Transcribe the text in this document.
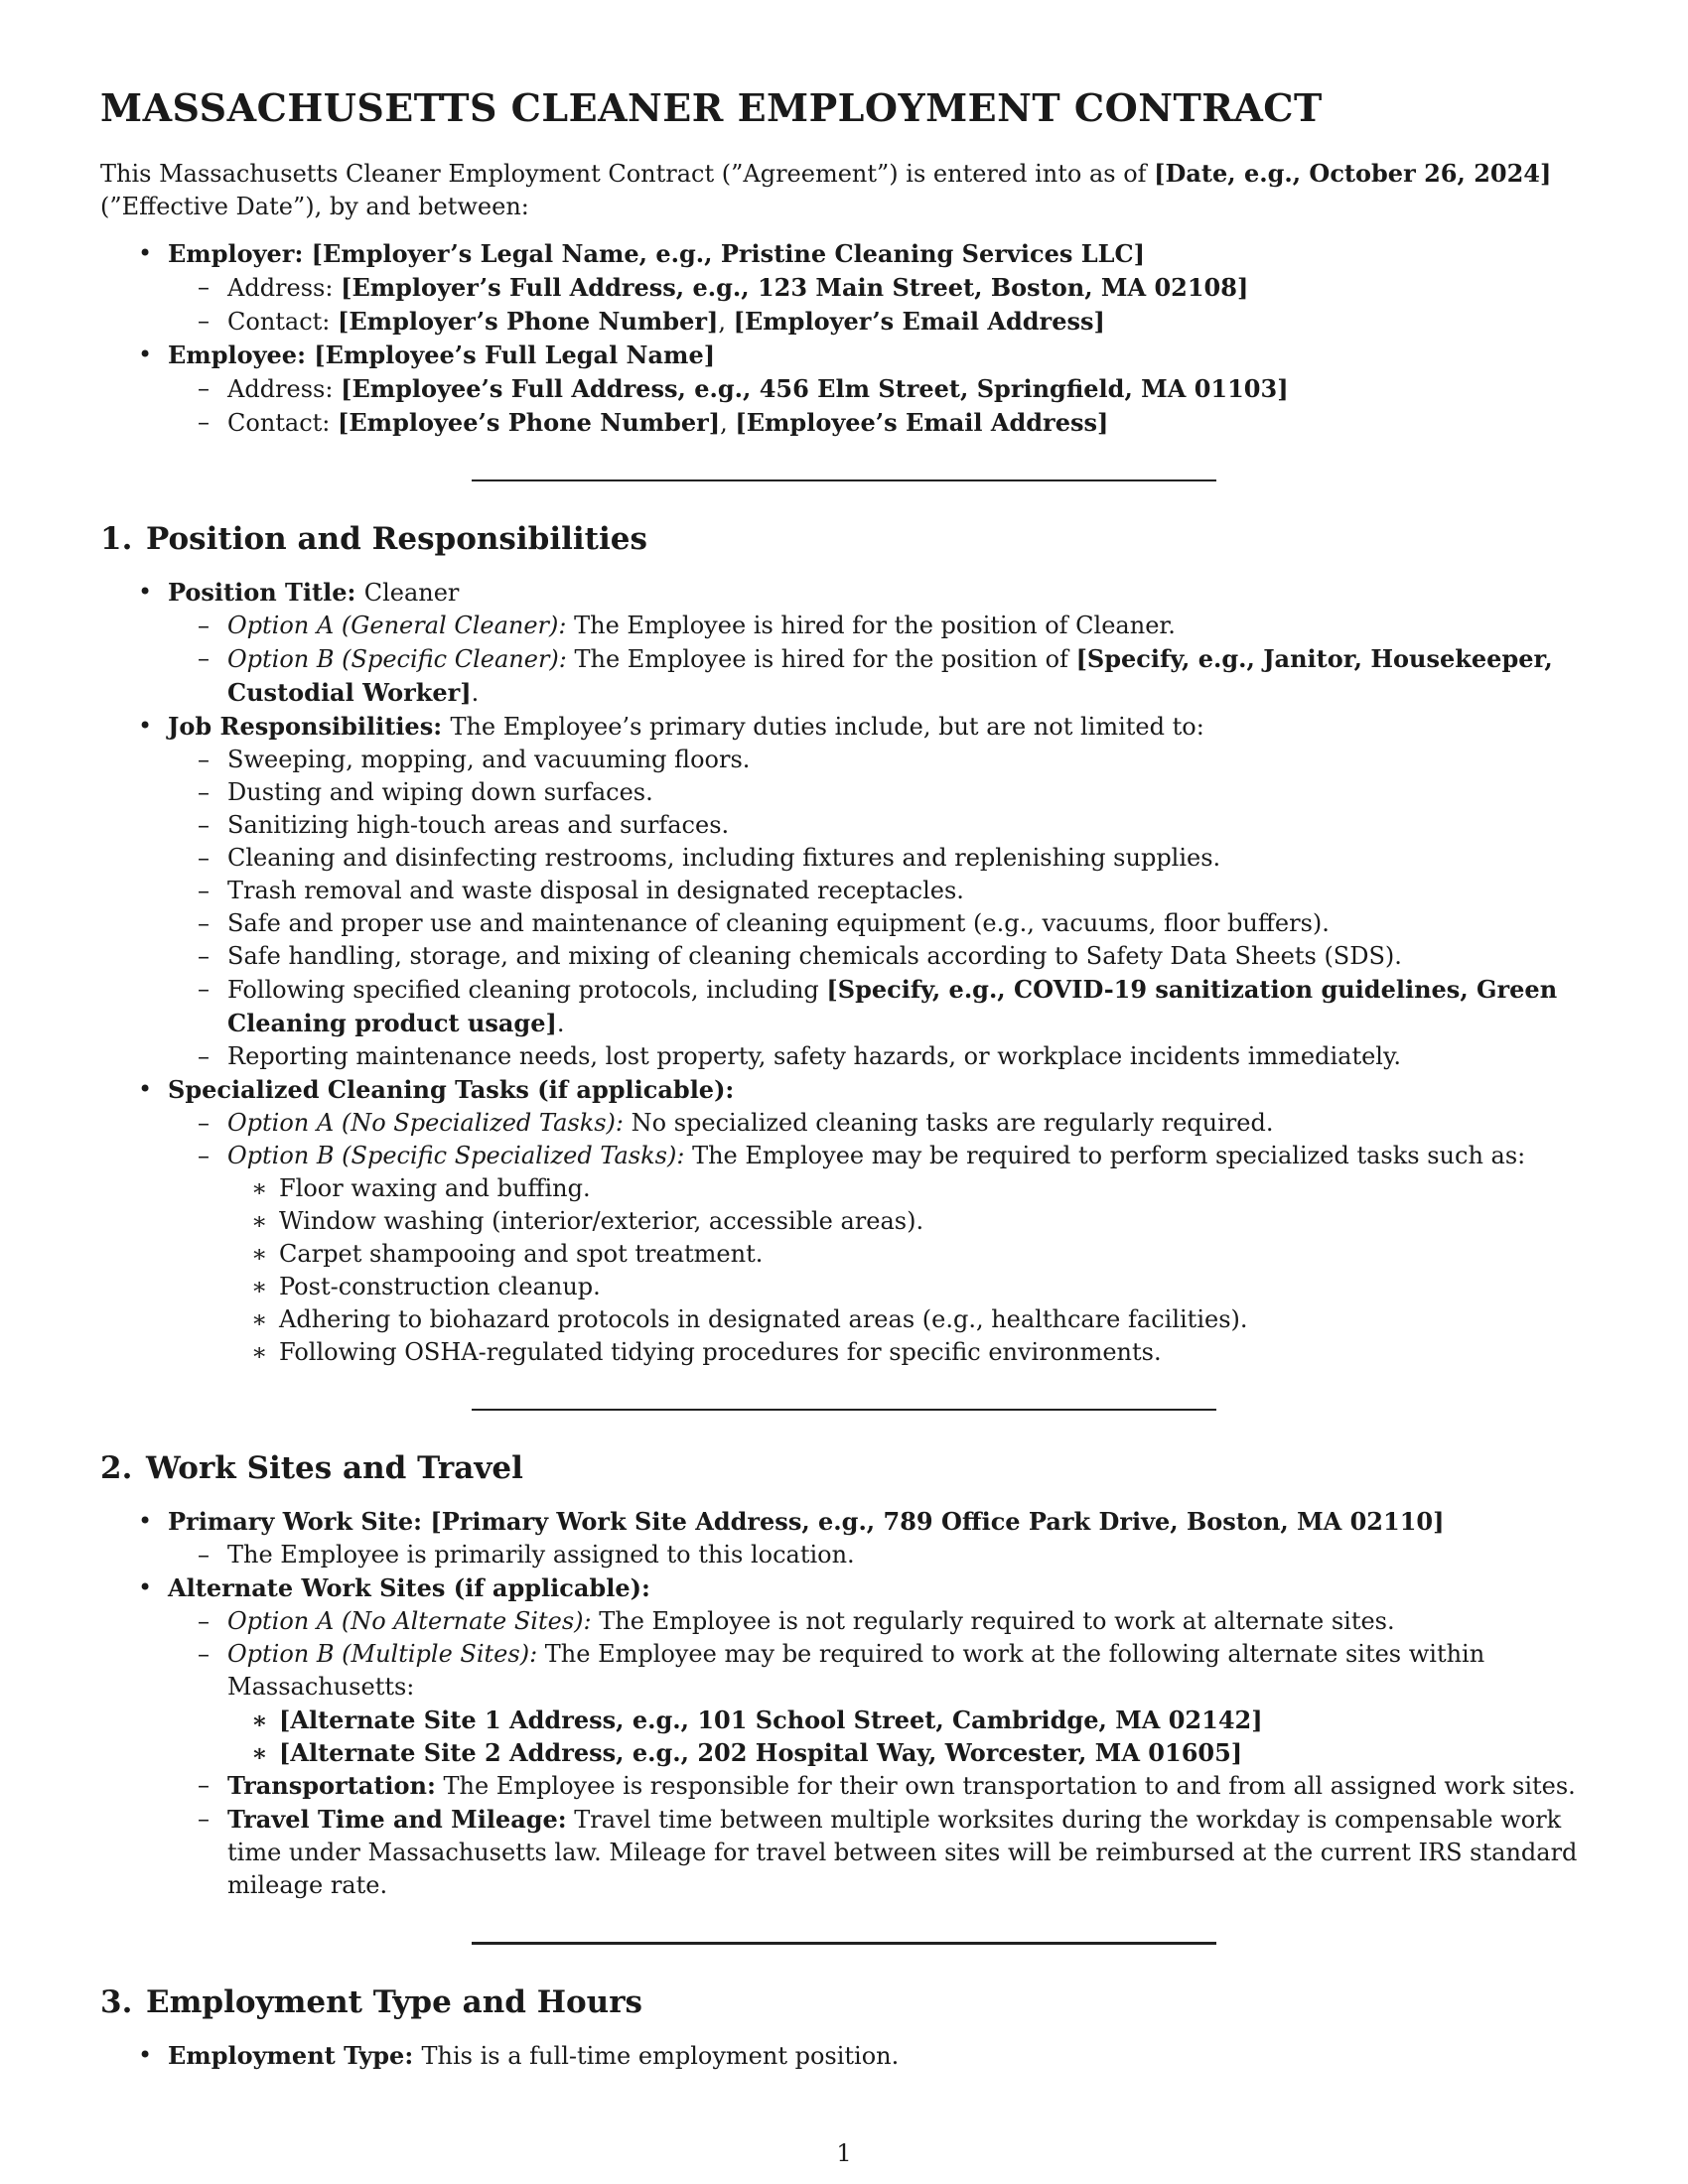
MASSACHUSETTS CLEANER EMPLOYMENT CONTRACT

This Massachusetts Cleaner Employment Contract (”Agreement”) is entered into as of [Date, e.g., October 26, 2024] (”Effective Date”), by and between:

• Employer: [Employer’s Legal Name, e.g., Pristine Cleaning Services LLC]
– Address: [Employer’s Full Address, e.g., 123 Main Street, Boston, MA 02108]
– Contact: [Employer’s Phone Number], [Employer’s Email Address]
• Employee: [Employee’s Full Legal Name]
– Address: [Employee’s Full Address, e.g., 456 Elm Street, Springfield, MA 01103]
– Contact: [Employee’s Phone Number], [Employee’s Email Address]
1. Position and Responsibilities
• Position Title: Cleaner
– Option A (General Cleaner): The Employee is hired for the position of Cleaner.
– Option B (Specific Cleaner): The Employee is hired for the position of [Specify, e.g., Janitor, Housekeeper, Custodial Worker].
• Job Responsibilities: The Employee’s primary duties include, but are not limited to:
– Sweeping, mopping, and vacuuming floors.
– Dusting and wiping down surfaces.
– Sanitizing high-touch areas and surfaces.
– Cleaning and disinfecting restrooms, including fixtures and replenishing supplies.
– Trash removal and waste disposal in designated receptacles.
– Safe and proper use and maintenance of cleaning equipment (e.g., vacuums, floor buffers).
– Safe handling, storage, and mixing of cleaning chemicals according to Safety Data Sheets (SDS).
– Following specified cleaning protocols, including [Specify, e.g., COVID-19 sanitization guidelines, Green Cleaning product usage].
– Reporting maintenance needs, lost property, safety hazards, or workplace incidents immediately.
• Specialized Cleaning Tasks (if applicable):
– Option A (No Specialized Tasks): No specialized cleaning tasks are regularly required.
– Option B (Specific Specialized Tasks): The Employee may be required to perform specialized tasks such as:
∗ Floor waxing and buffing.
∗ Window washing (interior/exterior, accessible areas).
∗ Carpet shampooing and spot treatment.
∗ Post-construction cleanup.
∗ Adhering to biohazard protocols in designated areas (e.g., healthcare facilities).
∗ Following OSHA-regulated tidying procedures for specific environments.
2. Work Sites and Travel
• Primary Work Site: [Primary Work Site Address, e.g., 789 Office Park Drive, Boston, MA 02110]
– The Employee is primarily assigned to this location.
• Alternate Work Sites (if applicable):
– Option A (No Alternate Sites): The Employee is not regularly required to work at alternate sites.
– Option B (Multiple Sites): The Employee may be required to work at the following alternate sites within Massachusetts:
∗ [Alternate Site 1 Address, e.g., 101 School Street, Cambridge, MA 02142]
∗ [Alternate Site 2 Address, e.g., 202 Hospital Way, Worcester, MA 01605]
– Transportation: The Employee is responsible for their own transportation to and from all assigned work sites.
– Travel Time and Mileage: Travel time between multiple worksites during the workday is compensable work time under Massachusetts law. Mileage for travel between sites will be reimbursed at the current IRS standard mileage rate.
3. Employment Type and Hours
• Employment Type: This is a full-time employment position.
1
